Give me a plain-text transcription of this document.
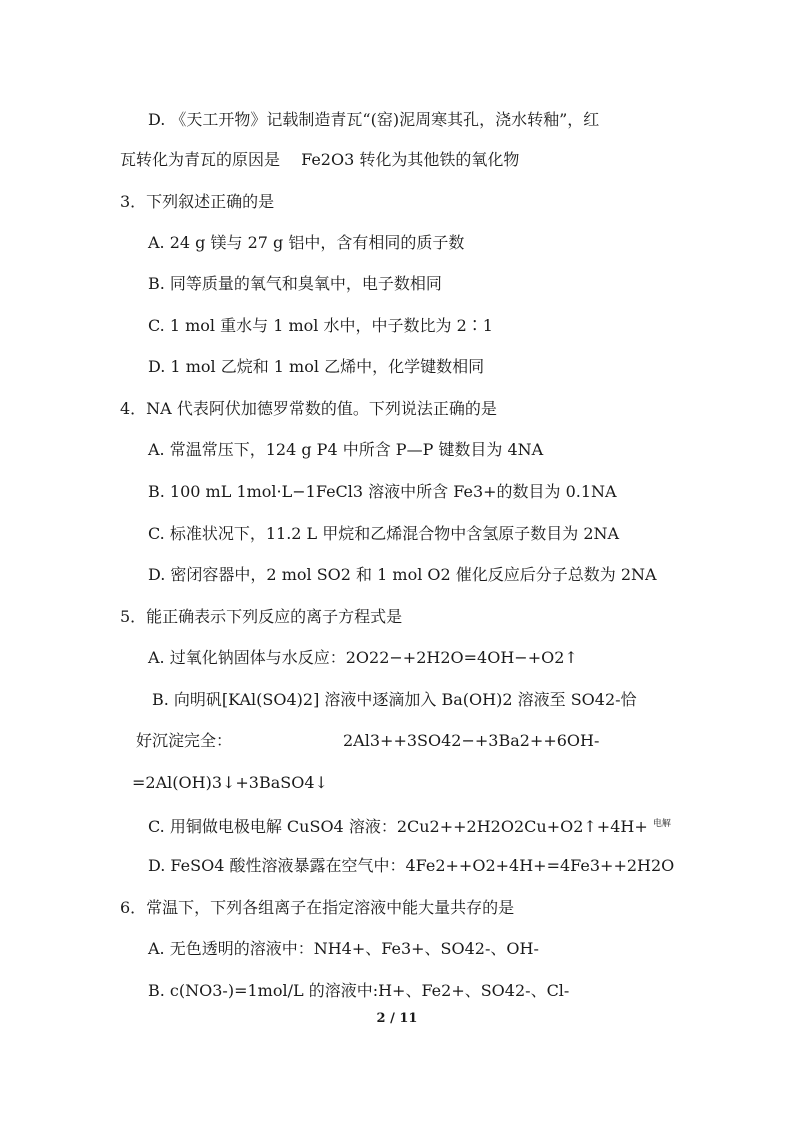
D. 《天工开物》记载制造青瓦“(窑)泥周寒其孔，浇水转釉”，红
瓦转化为青瓦的原因是　 Fe2O3 转化为其他铁的氧化物
3．下列叙述正确的是
A. 24 g 镁与 27 g 铝中，含有相同的质子数
B. 同等质量的氧气和臭氧中，电子数相同
C. 1 mol 重水与 1 mol 水中，中子数比为 2∶1
D. 1 mol 乙烷和 1 mol 乙烯中，化学键数相同
4．NA 代表阿伏加德罗常数的值。下列说法正确的是
A. 常温常压下，124 g P4 中所含 P—P 键数目为 4NA
B. 100 mL 1mol·L−1FeCl3 溶液中所含 Fe3+的数目为 0.1NA
C. 标准状况下，11.2 L 甲烷和乙烯混合物中含氢原子数目为 2NA
D. 密闭容器中，2 mol SO2 和 1 mol O2 催化反应后分子总数为 2NA
5．能正确表示下列反应的离子方程式是
A. 过氧化钠固体与水反应：2O22−+2H2O=4OH−+O2↑
B. 向明矾[KAl(SO4)2] 溶液中逐滴加入 Ba(OH)2 溶液至 SO42-恰
好沉淀完全：	2Al3++3SO42−+3Ba2++6OH-
=2Al(OH)3↓+3BaSO4↓
C. 用铜做电极电解 CuSO4 溶液：2Cu2++2H2O2Cu+O2↑+4H+ $^{电解}$
D. FeSO4 酸性溶液暴露在空气中：4Fe2++O2+4H+=4Fe3++2H2O
6．常温下，下列各组离子在指定溶液中能大量共存的是
A. 无色透明的溶液中：NH4+、Fe3+、SO42-、OH-
B. c(NO3-)=1mol/L 的溶液中:H+、Fe2+、SO42-、Cl-
2 / 11
